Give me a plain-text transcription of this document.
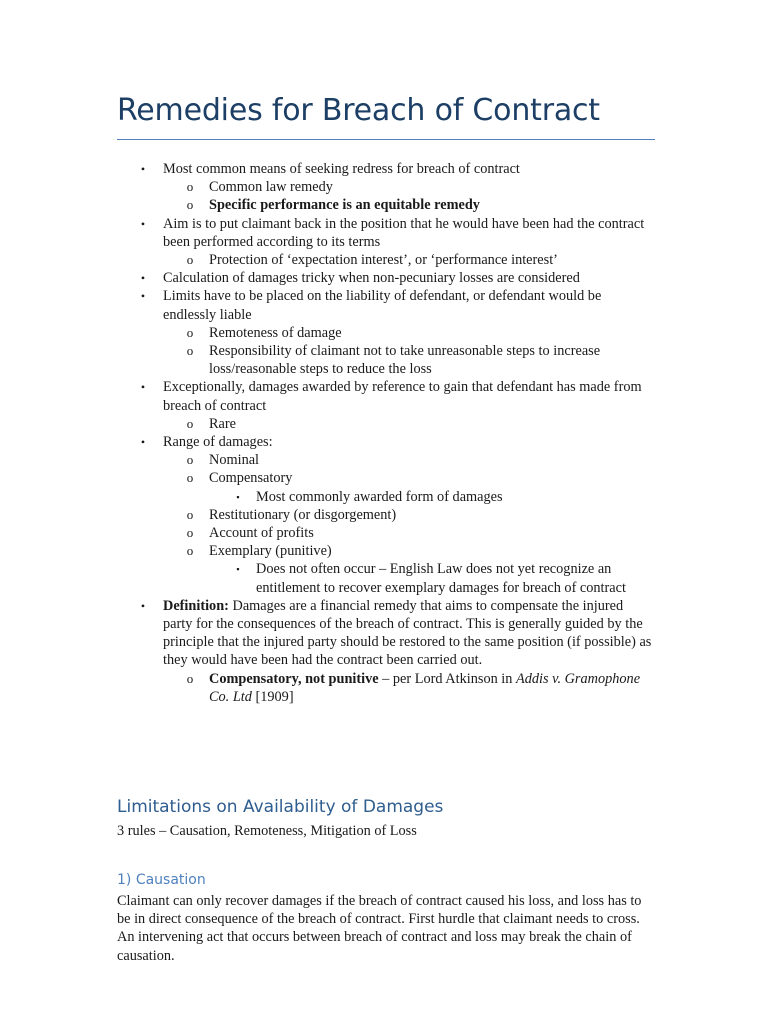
Remedies for Breach of Contract
•	Most common means of seeking redress for breach of contract
o	Common law remedy
o	Specific performance is an equitable remedy
•	Aim is to put claimant back in the position that he would have been had the contract been performed according to its terms
o	Protection of ‘expectation interest’, or ‘performance interest’
•	Calculation of damages tricky when non-pecuniary losses are considered
•	Limits have to be placed on the liability of defendant, or defendant would be endlessly liable
o	Remoteness of damage
o	Responsibility of claimant not to take unreasonable steps to increase loss/reasonable steps to reduce the loss
•	Exceptionally, damages awarded by reference to gain that defendant has made from breach of contract
o	Rare
•	Range of damages:
o	Nominal
o	Compensatory
▪	Most commonly awarded form of damages
o	Restitutionary (or disgorgement)
o	Account of profits
o	Exemplary (punitive)
▪	Does not often occur – English Law does not yet recognize an entitlement to recover exemplary damages for breach of contract
•	Definition: Damages are a financial remedy that aims to compensate the injured party for the consequences of the breach of contract. This is generally guided by the principle that the injured party should be restored to the same position (if possible) as they would have been had the contract been carried out.
o	Compensatory, not punitive – per Lord Atkinson in Addis v. Gramophone Co. Ltd [1909]
Limitations on Availability of Damages
3 rules – Causation, Remoteness, Mitigation of Loss
1) Causation
Claimant can only recover damages if the breach of contract caused his loss, and loss has to be in direct consequence of the breach of contract. First hurdle that claimant needs to cross.
An intervening act that occurs between breach of contract and loss may break the chain of causation.
